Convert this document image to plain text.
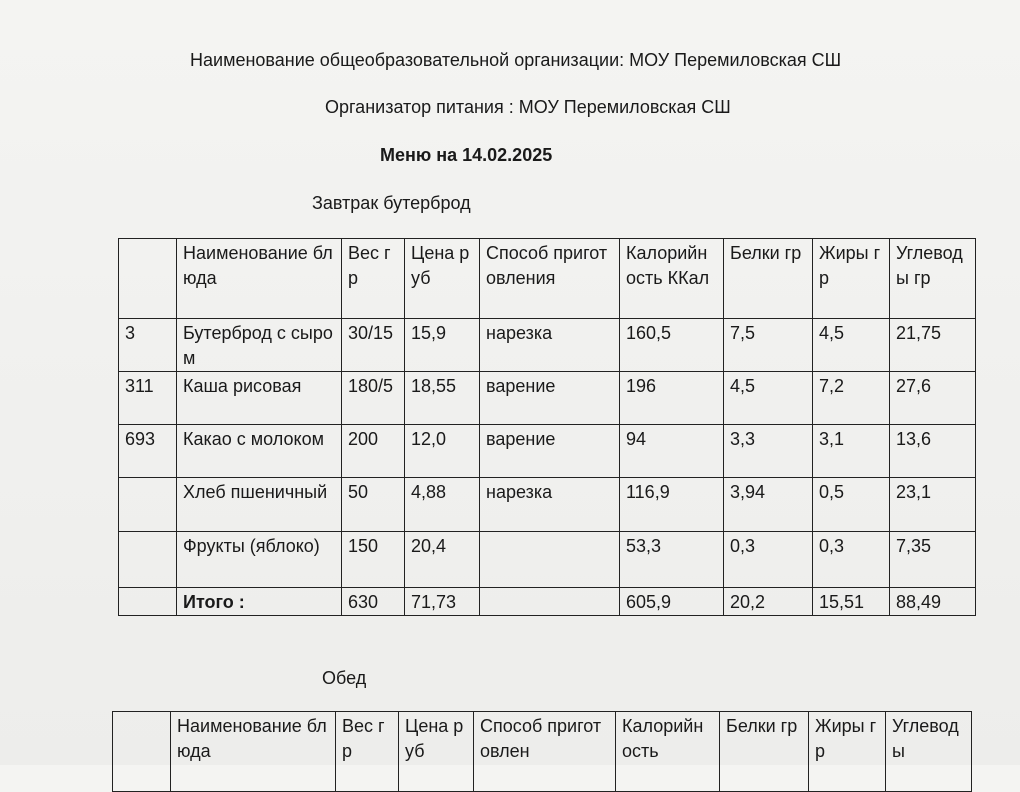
Наименование общеобразовательной организации: МОУ Перемиловская СШ
Организатор питания : МОУ Перемиловская СШ
Меню на 14.02.2025
Завтрак бутерброд
	Наименование блюда	Вес гр	Цена руб	Способ приготовления	Калорийность ККал	Белки гр	Жиры гр	Углеводы гр
3	Бутерброд с сыром	30/15	15,9	нарезка	160,5	7,5	4,5	21,75
311	Каша рисовая	180/5	18,55	варение	196	4,5	7,2	27,6
693	Какао с молоком	200	12,0	варение	94	3,3	3,1	13,6
	Хлеб пшеничный	50	4,88	нарезка	116,9	3,94	0,5	23,1
	Фрукты (яблоко)	150	20,4		53,3	0,3	0,3	7,35
	Итого :	630	71,73		605,9	20,2	15,51	88,49
Обед
	Наименование блюда	Вес гр	Цена руб	Способ приготовлен	Калорийность	Белки гр	Жиры гр	Углеводы
